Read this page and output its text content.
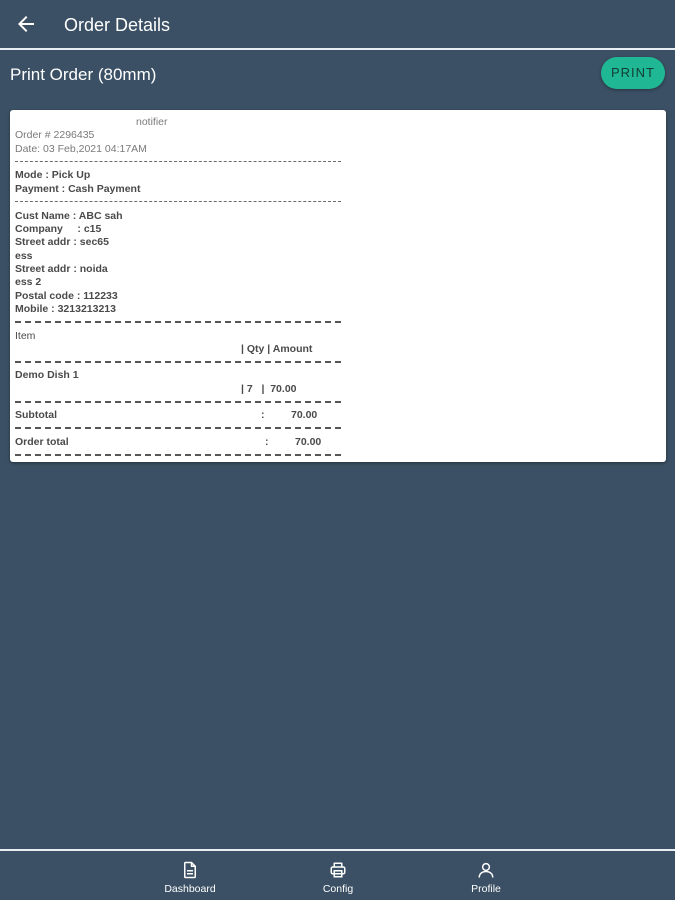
Order Details
Print Order (80mm)	PRINT
notifier
Order # 2296435
Date: 03 Feb,2021 04:17AM
Mode : Pick Up
Payment : Cash Payment
Cust Name : ABC sah
Company     : c15
Street addr : sec65
ess
Street addr : noida
ess 2
Postal code : 112233
Mobile : 3213213213
Item
| Qty | Amount
Demo Dish 1
| 7   |  70.00
Subtotal	:	70.00
Order total	:	70.00
Dashboard	Config	Profile
